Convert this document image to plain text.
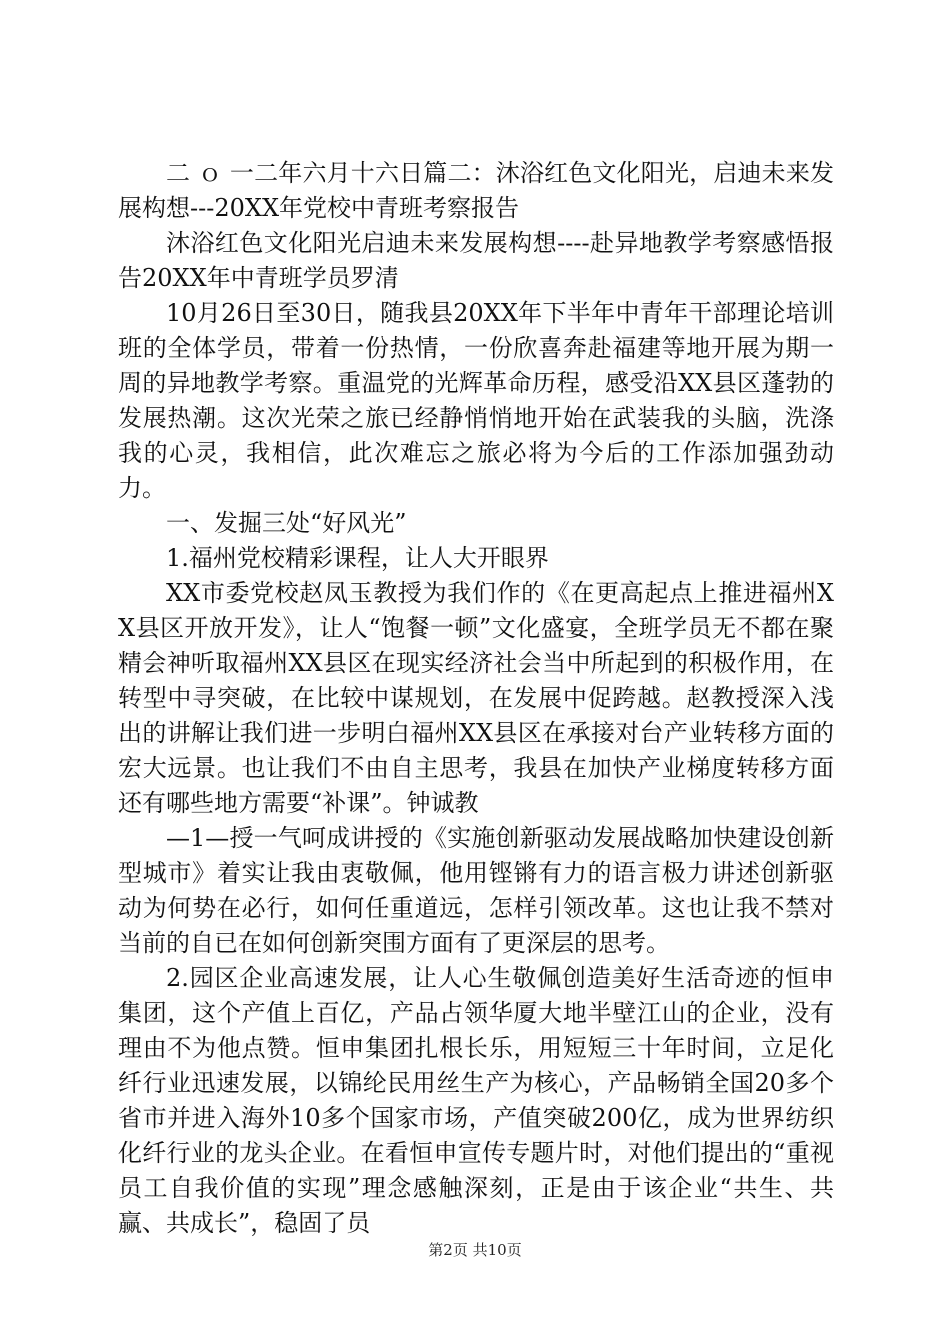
二 ｏ 一二年六月十六日篇二：沐浴红色文化阳光，启迪未来发展构想---20XX年党校中青班考察报告

沐浴红色文化阳光启迪未来发展构想----赴异地教学考察感悟报告20XX年中青班学员罗清

10月26日至30日，随我县20XX年下半年中青年干部理论培训班的全体学员，带着一份热情，一份欣喜奔赴福建等地开展为期一周的异地教学考察。重温党的光辉革命历程，感受沿XX县区蓬勃的发展热潮。这次光荣之旅已经静悄悄地开始在武装我的头脑，洗涤我的心灵，我相信，此次难忘之旅必将为今后的工作添加强劲动力。

一、发掘三处“好风光”

1.福州党校精彩课程，让人大开眼界

XX市委党校赵凤玉教授为我们作的《在更高起点上推进福州XX县区开放开发》，让人“饱餐一顿”文化盛宴，全班学员无不都在聚精会神听取福州XX县区在现实经济社会当中所起到的积极作用，在转型中寻突破，在比较中谋规划，在发展中促跨越。赵教授深入浅出的讲解让我们进一步明白福州XX县区在承接对台产业转移方面的宏大远景。也让我们不由自主思考，我县在加快产业梯度转移方面还有哪些地方需要“补课”。钟诚教

—1—授一气呵成讲授的《实施创新驱动发展战略加快建设创新型城市》着实让我由衷敬佩，他用铿锵有力的语言极力讲述创新驱动为何势在必行，如何任重道远，怎样引领改革。这也让我不禁对当前的自已在如何创新突围方面有了更深层的思考。

2.园区企业高速发展，让人心生敬佩创造美好生活奇迹的恒申集团，这个产值上百亿，产品占领华厦大地半壁江山的企业，没有理由不为他点赞。恒申集团扎根长乐，用短短三十年时间，立足化纤行业迅速发展，以锦纶民用丝生产为核心，产品畅销全国20多个省市并进入海外10多个国家市场，产值突破200亿，成为世界纺织化纤行业的龙头企业。在看恒申宣传专题片时，对他们提出的“重视员工自我价值的实现”理念感触深刻，正是由于该企业“共生、共赢、共成长”，稳固了员

第2页 共10页
